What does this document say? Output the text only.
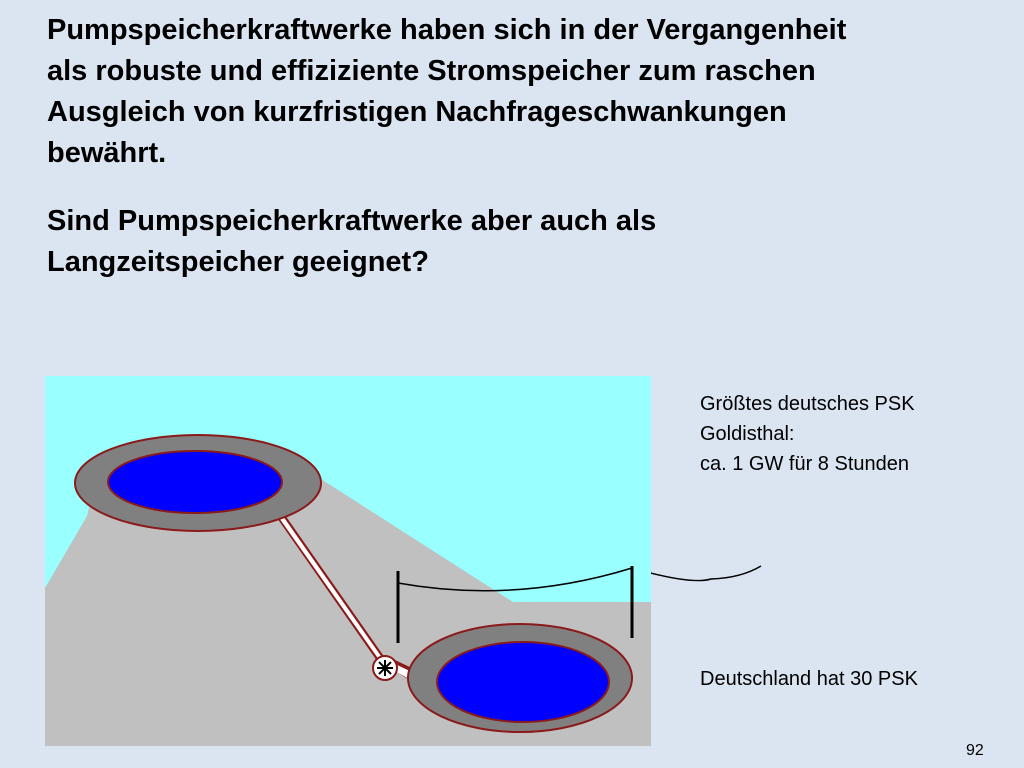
Pumpspeicherkraftwerke haben sich in der Vergangenheit
als robuste und effiziziente Stromspeicher zum raschen
Ausgleich von kurzfristigen Nachfrageschwankungen
bewährt.

Sind Pumpspeicherkraftwerke aber auch als
Langzeitspeicher geeignet?

Größtes deutsches PSK
Goldisthal:
ca. 1 GW für 8 Stunden
Deutschland hat 30 PSK
92
